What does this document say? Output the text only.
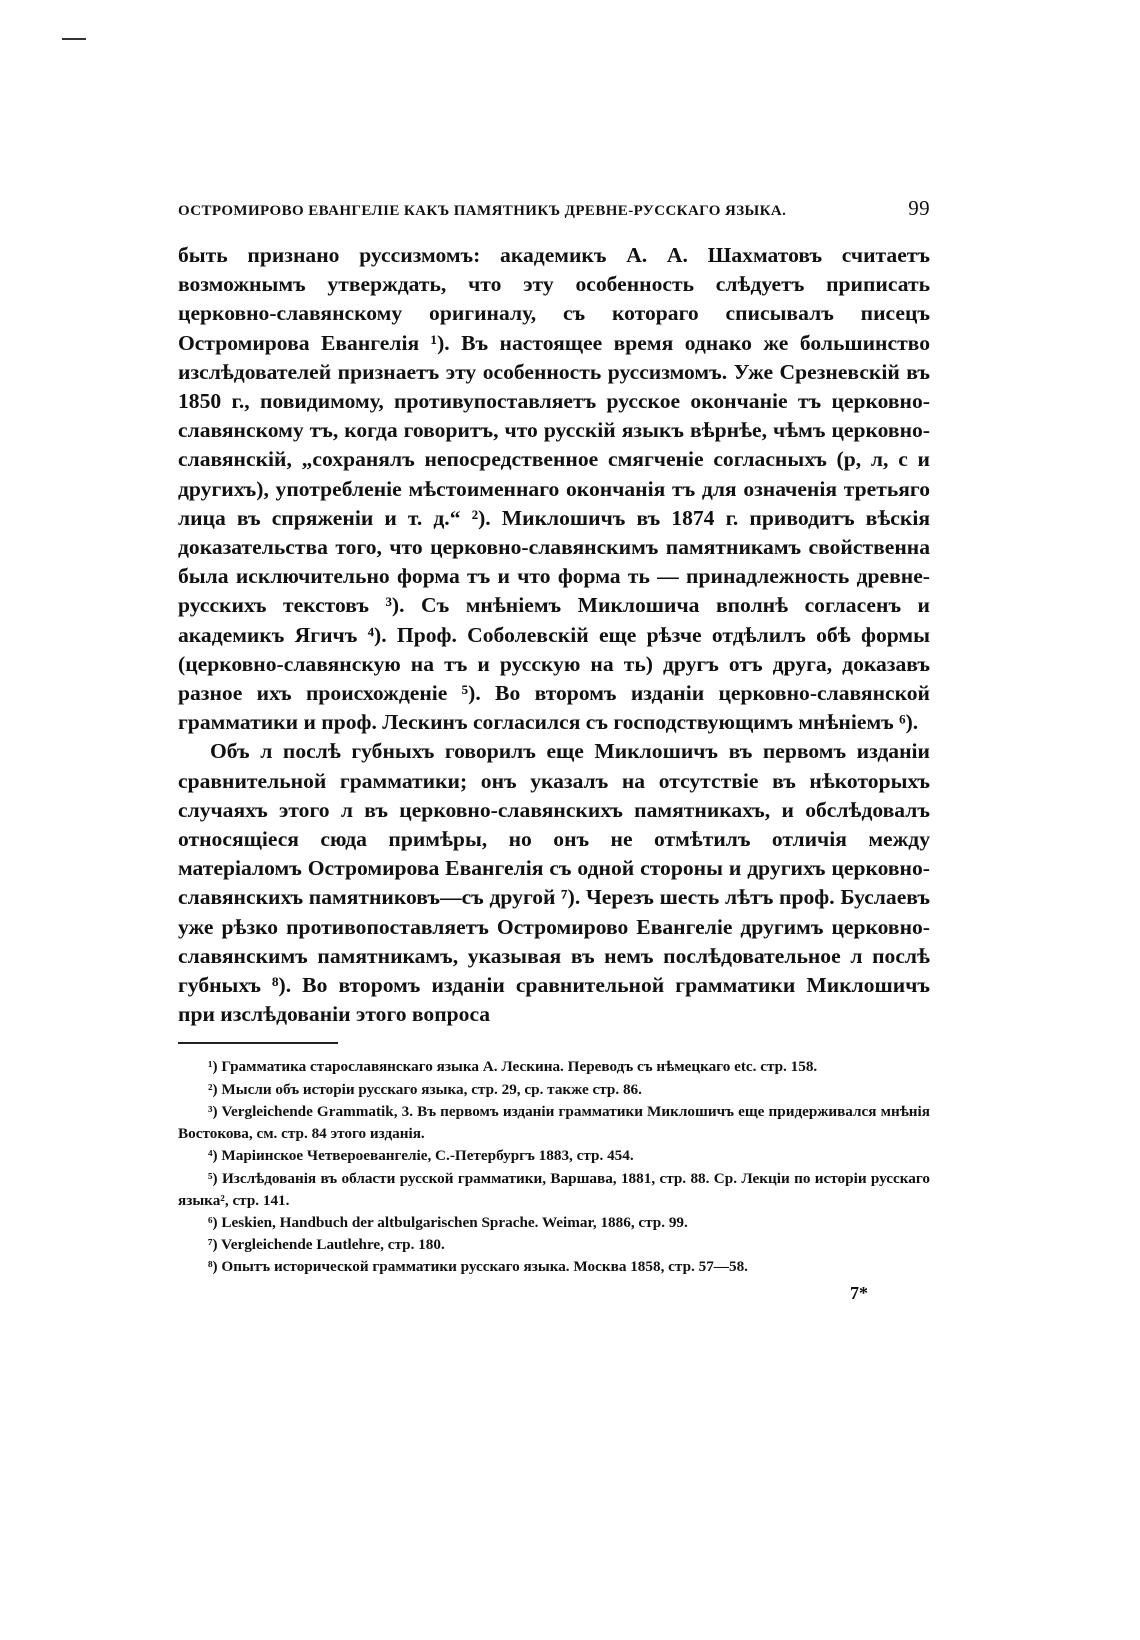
ОСТРОМИРОВО ЕВАНГЕЛІЕ КАКЪ ПАМЯТНИКЪ ДРЕВНЕ-РУССКАГО ЯЗЫКА.	99

быть признано руссизмомъ: академикъ А. А. Шахматовъ считаетъ возможнымъ утверждать, что эту особенность слѣдуетъ приписать церковно-славянскому оригиналу, съ котораго списывалъ писецъ Остромирова Евангелія ¹). Въ настоящее время однако же большинство изслѣдователей признаетъ эту особенность руссизмомъ. Уже Срезневскій въ 1850 г., повидимому, противупоставляетъ русское окончаніе тъ церковно-славянскому тъ, когда говоритъ, что русскій языкъ вѣрнѣе, чѣмъ церковно-славянскій, „сохранялъ непосредственное смягченіе согласныхъ (р, л, с и другихъ), употребленіе мѣстоименнаго окончанія тъ для означенія третьяго лица въ спряженіи и т. д.“ ²). Миклошичъ въ 1874 г. приводитъ вѣскія доказательства того, что церковно-славянскимъ памятникамъ свойственна была исключительно форма тъ и что форма ть — принадлежность древне-русскихъ текстовъ ³). Съ мнѣніемъ Миклошича вполнѣ согласенъ и академикъ Ягичъ ⁴). Проф. Соболевскій еще рѣзче отдѣлилъ обѣ формы (церковно-славянскую на тъ и русскую на ть) другъ отъ друга, доказавъ разное ихъ происхожденіе ⁵). Во второмъ изданіи церковно-славянской грамматики и проф. Лескинъ согласился съ господствующимъ мнѣніемъ ⁶).

Объ л послѣ губныхъ говорилъ еще Миклошичъ въ первомъ изданіи сравнительной грамматики; онъ указалъ на отсутствіе въ нѣкоторыхъ случаяхъ этого л въ церковно-славянскихъ памятникахъ, и обслѣдовалъ относящіеся сюда примѣры, но онъ не отмѣтилъ отличія между матеріаломъ Остромирова Евангелія съ одной стороны и другихъ церковно-славянскихъ памятниковъ—съ другой ⁷). Черезъ шесть лѣтъ проф. Буслаевъ уже рѣзко противопоставляетъ Остромирово Евангеліе другимъ церковно-славянскимъ памятникамъ, указывая въ немъ послѣдовательное л послѣ губныхъ ⁸). Во второмъ изданіи сравнительной грамматики Миклошичъ при изслѣдованіи этого вопроса

¹) Грамматика старославянскаго языка А. Лескина. Переводъ съ нѣмецкаго etc. стр. 158.

²) Мысли объ исторіи русскаго языка, стр. 29, ср. также стр. 86.

³) Vergleichende Grammatik, 3. Въ первомъ изданіи грамматики Миклошичъ еще придерживался мнѣнія Востокова, см. стр. 84 этого изданія.

⁴) Маріинское Четвероевангеліе, С.-Петербургъ 1883, стр. 454.

⁵) Изслѣдованія въ области русской грамматики, Варшава, 1881, стр. 88. Ср. Лекціи по исторіи русскаго языка², стр. 141.

⁶) Leskien, Handbuch der altbulgarischen Sprache. Weimar, 1886, стр. 99.

⁷) Vergleichende Lautlehre, стр. 180.

⁸) Опытъ исторической грамматики русскаго языка. Москва 1858, стр. 57—58.

7*
